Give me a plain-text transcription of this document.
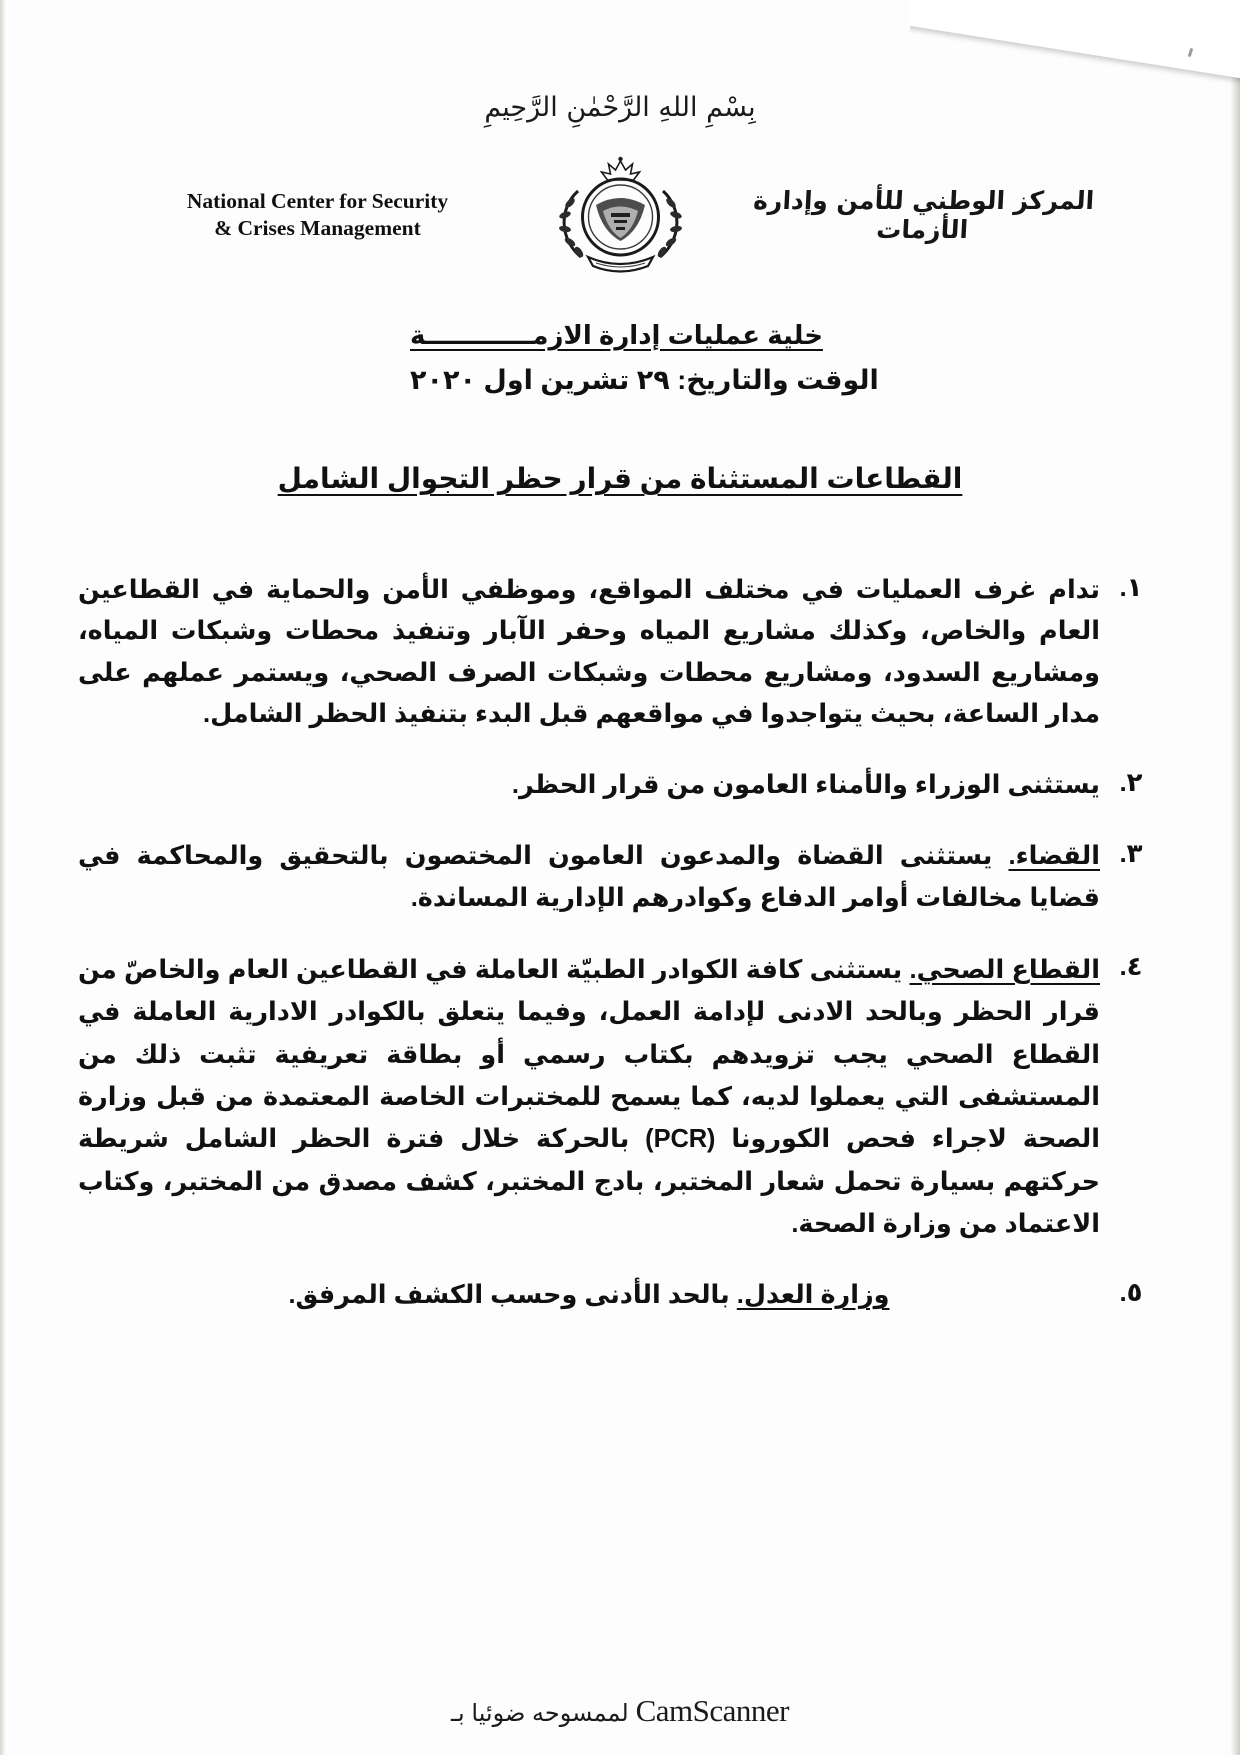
بِسْمِ اللهِ الرَّحْمٰنِ الرَّحِيمِ
المركز الوطني للأمن وإدارة الأزمات
National Center for Security
& Crises Management
خلية عمليات إدارة الازمــــــــــــة
الوقت والتاريخ: ٢٩ تشرين اول ٢٠٢٠
القطاعات المستثناة من قرار حظر التجوال الشامل
١.
تدام غرف العمليات في مختلف المواقع، وموظفي الأمن والحماية في القطاعين العام والخاص، وكذلك مشاريع المياه وحفر الآبار وتنفيذ محطات وشبكات المياه، ومشاريع السدود، ومشاريع محطات وشبكات الصرف الصحي، ويستمر عملهم على مدار الساعة، بحيث يتواجدوا في مواقعهم قبل البدء بتنفيذ الحظر الشامل.
٢.
يستثنى الوزراء والأمناء العامون من قرار الحظر.
٣.
القضاء. يستثنى القضاة والمدعون العامون المختصون بالتحقيق والمحاكمة في قضايا مخالفات أوامر الدفاع وكوادرهم الإدارية المساندة.
٤.
القطاع الصحي. يستثنى كافة الكوادر الطبيّة العاملة في القطاعين العام والخاصّ من قرار الحظر وبالحد الادنى لإدامة العمل، وفيما يتعلق بالكوادر الادارية العاملة في القطاع الصحي يجب تزويدهم بكتاب رسمي أو بطاقة تعريفية تثبت ذلك من المستشفى التي يعملوا لديه، كما يسمح للمختبرات الخاصة المعتمدة من قبل وزارة الصحة لاجراء فحص الكورونا (PCR) بالحركة خلال فترة الحظر الشامل شريطة حركتهم بسيارة تحمل شعار المختبر، بادج المختبر، كشف مصدق من المختبر، وكتاب الاعتماد من وزارة الصحة.
٥.
وزارة العدل. بالحد الأدنى وحسب الكشف المرفق.
CamScanner لممسوحه ضوئيا بـ
